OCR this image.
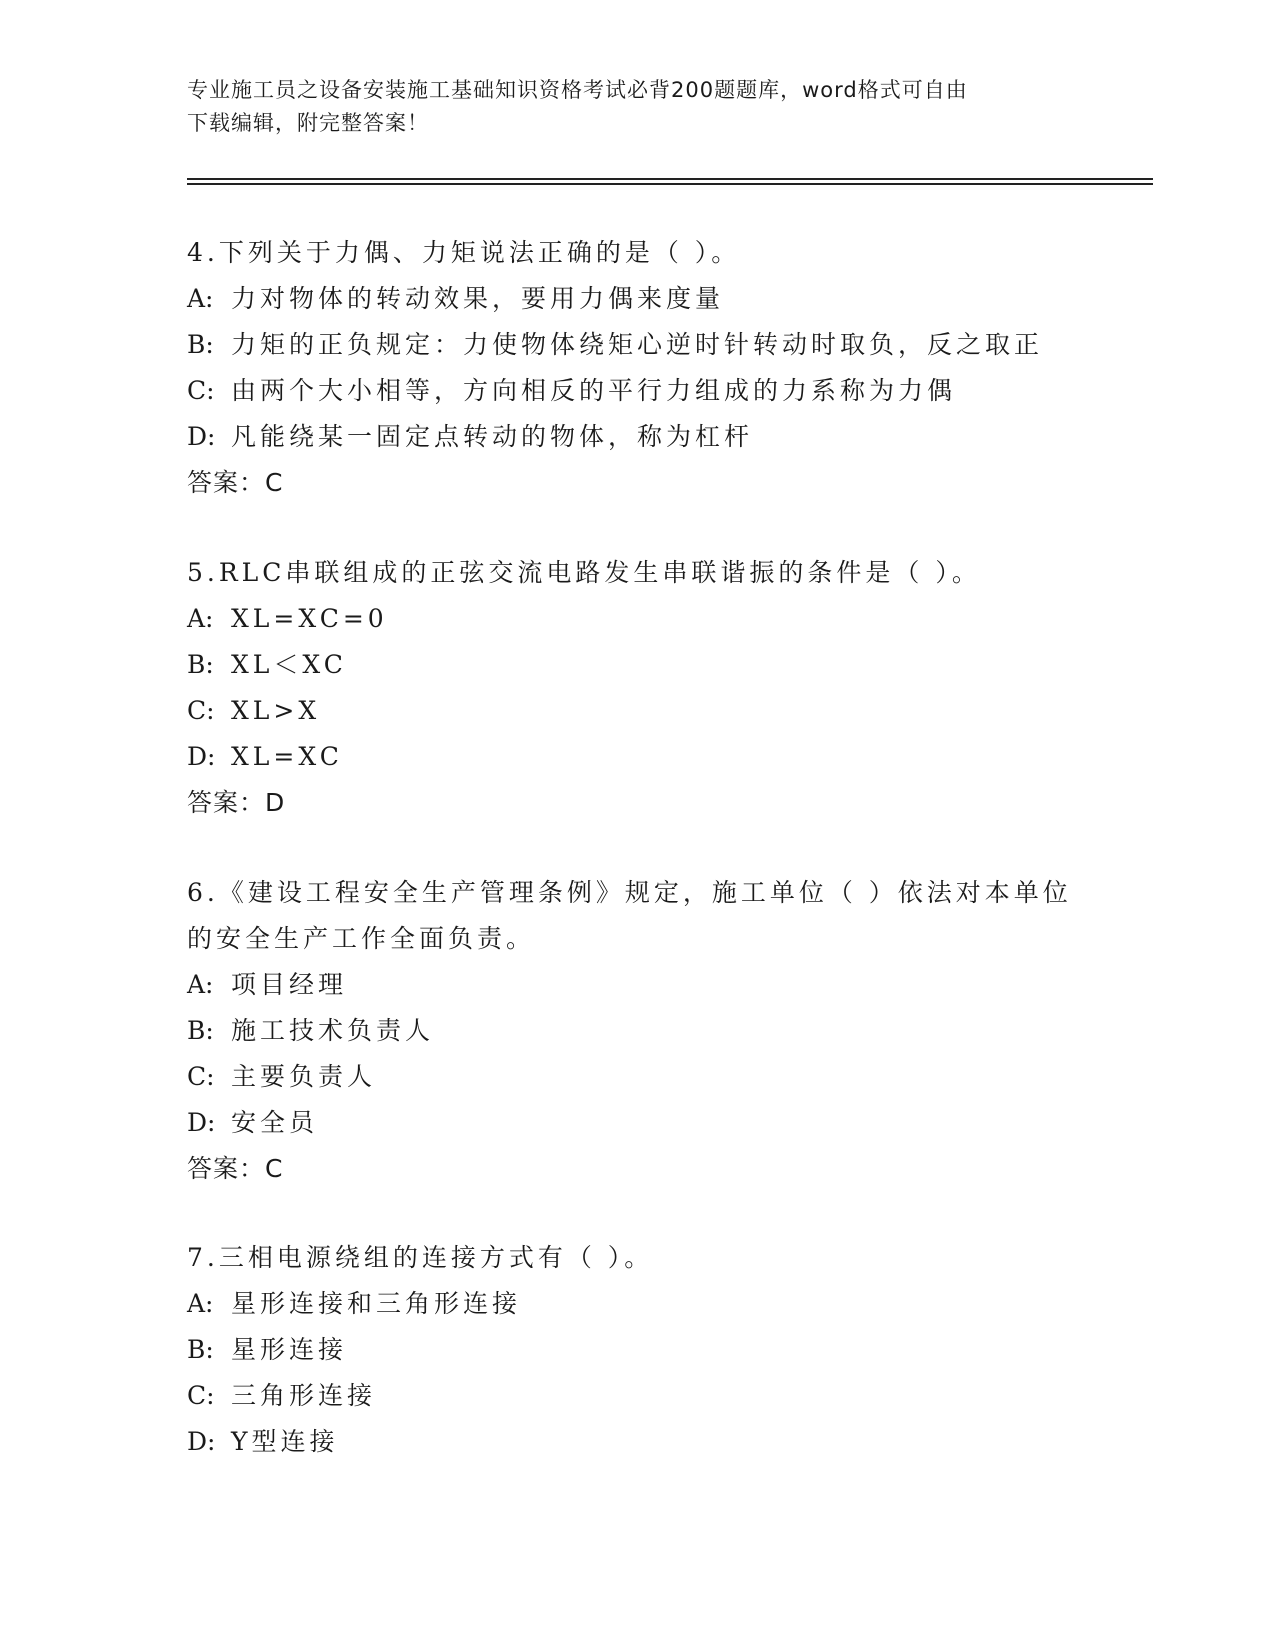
专业施工员之设备安装施工基础知识资格考试必背200题题库，word格式可自由
下载编辑，附完整答案！
4.下列关于力偶、力矩说法正确的是（ ）。
A: 力对物体的转动效果，要用力偶来度量
B: 力矩的正负规定：力使物体绕矩心逆时针转动时取负，反之取正
C: 由两个大小相等，方向相反的平行力组成的力系称为力偶
D: 凡能绕某一固定点转动的物体，称为杠杆
答案：C
5.RLC串联组成的正弦交流电路发生串联谐振的条件是（ ）。
A: XL=XC=0
B: XL＜XC
C: XL>X
D: XL=XC
答案：D
6.《建设工程安全生产管理条例》规定，施工单位（ ）依法对本单位
的安全生产工作全面负责。
A: 项目经理
B: 施工技术负责人
C: 主要负责人
D: 安全员
答案：C
7.三相电源绕组的连接方式有（ ）。
A: 星形连接和三角形连接
B: 星形连接
C: 三角形连接
D: Y型连接
